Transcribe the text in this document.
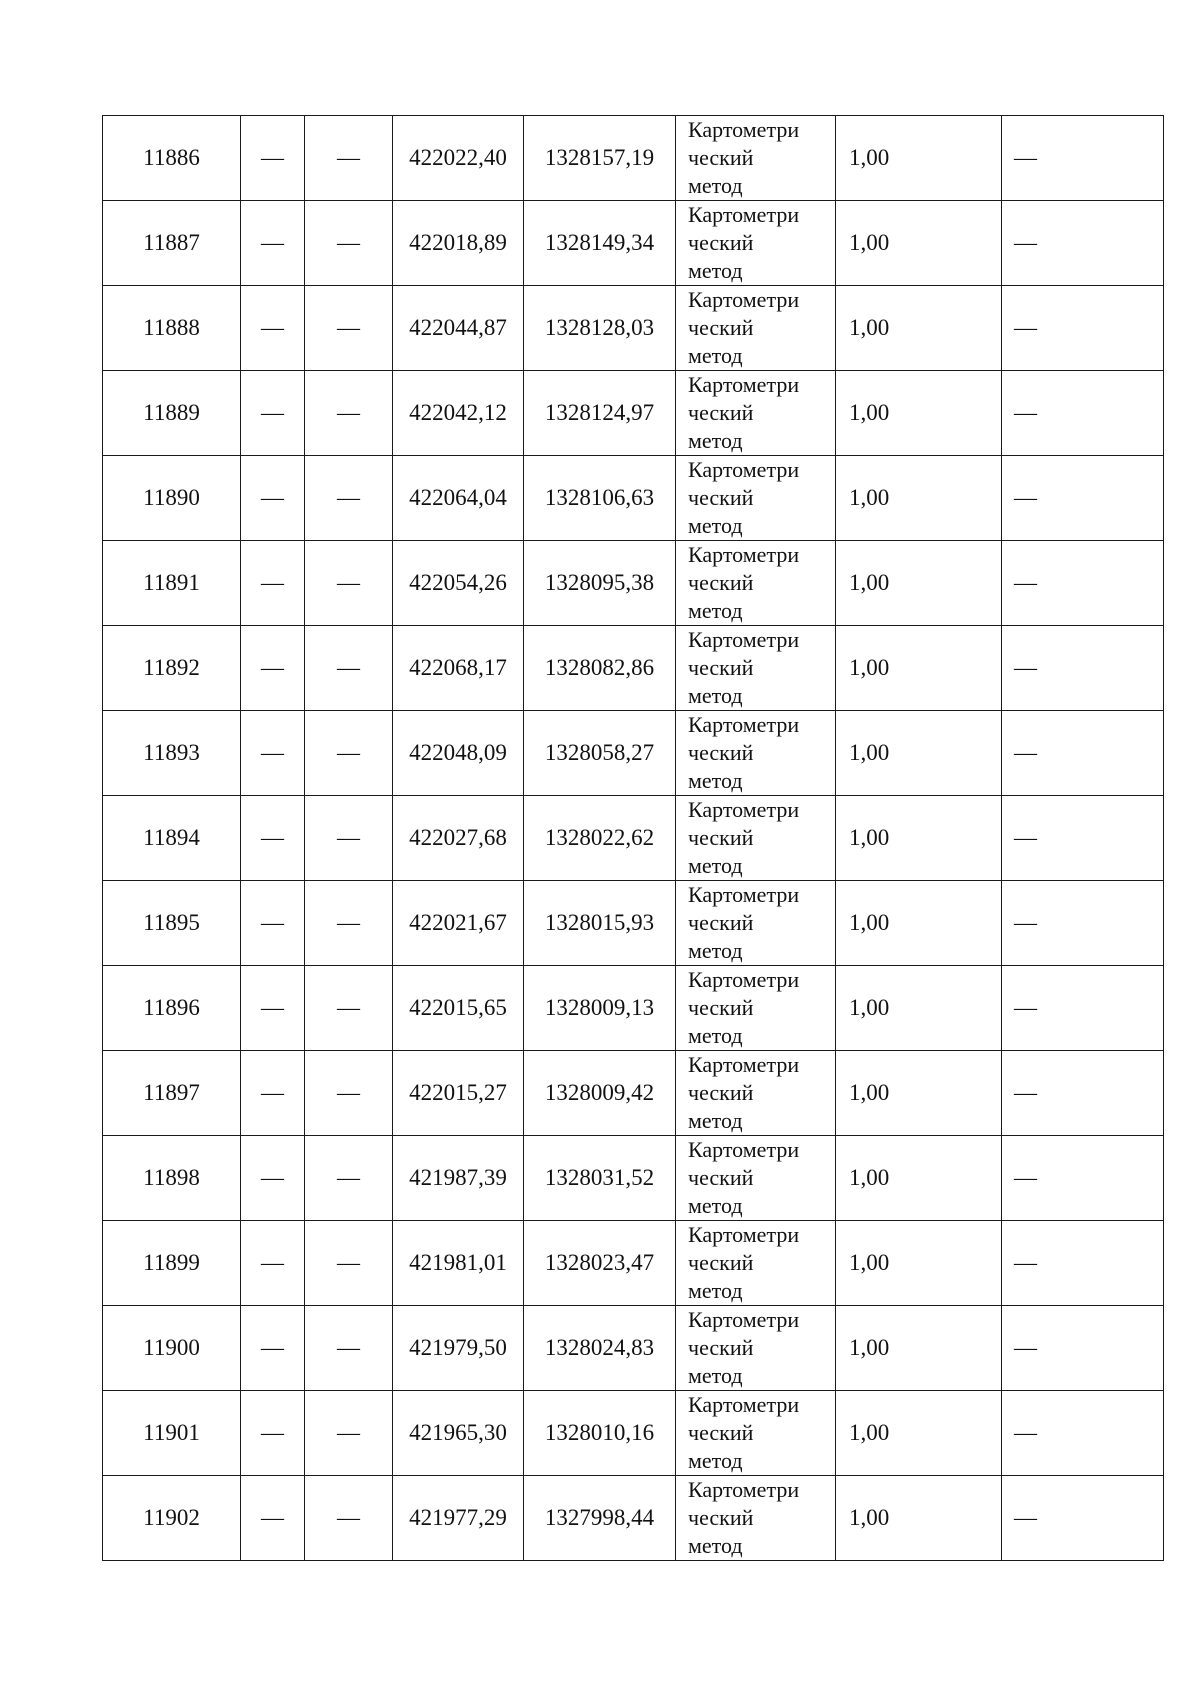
11886	—	—	422022,40	1328157,19	Картометри
ческий
метод	1,00	—
11887	—	—	422018,89	1328149,34	Картометри
ческий
метод	1,00	—
11888	—	—	422044,87	1328128,03	Картометри
ческий
метод	1,00	—
11889	—	—	422042,12	1328124,97	Картометри
ческий
метод	1,00	—
11890	—	—	422064,04	1328106,63	Картометри
ческий
метод	1,00	—
11891	—	—	422054,26	1328095,38	Картометри
ческий
метод	1,00	—
11892	—	—	422068,17	1328082,86	Картометри
ческий
метод	1,00	—
11893	—	—	422048,09	1328058,27	Картометри
ческий
метод	1,00	—
11894	—	—	422027,68	1328022,62	Картометри
ческий
метод	1,00	—
11895	—	—	422021,67	1328015,93	Картометри
ческий
метод	1,00	—
11896	—	—	422015,65	1328009,13	Картометри
ческий
метод	1,00	—
11897	—	—	422015,27	1328009,42	Картометри
ческий
метод	1,00	—
11898	—	—	421987,39	1328031,52	Картометри
ческий
метод	1,00	—
11899	—	—	421981,01	1328023,47	Картометри
ческий
метод	1,00	—
11900	—	—	421979,50	1328024,83	Картометри
ческий
метод	1,00	—
11901	—	—	421965,30	1328010,16	Картометри
ческий
метод	1,00	—
11902	—	—	421977,29	1327998,44	Картометри
ческий
метод	1,00	—
